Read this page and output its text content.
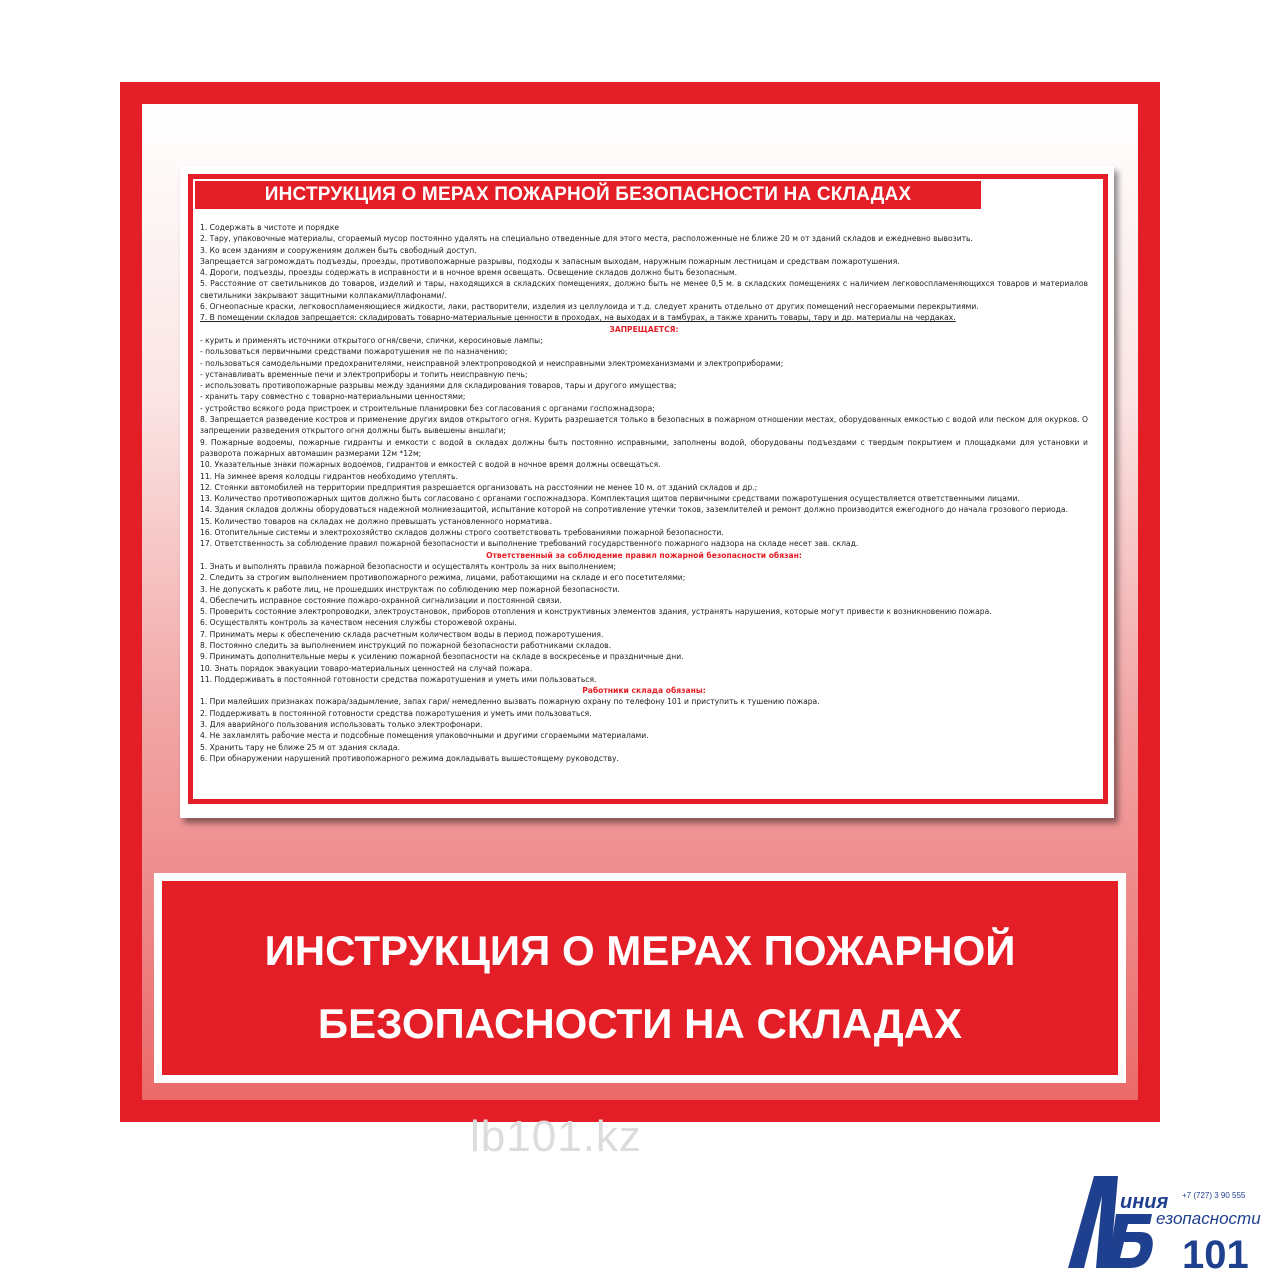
ИНСТРУКЦИЯ О МЕРАХ ПОЖАРНОЙ БЕЗОПАСНОСТИ НА СКЛАДАХ
1. Содержать в чистоте и порядке
2. Тару, упаковочные материалы, сгораемый мусор постоянно удалять на специально отведенные для этого места, расположенные не ближе 20 м от зданий складов и ежедневно вывозить.
3. Ко всем зданиям и сооружениям должен быть свободный доступ.
Запрещается загромождать подъезды, проезды, противопожарные разрывы, подходы к запасным выходам, наружным пожарным лестницам и средствам пожаротушения.
4. Дороги, подъезды, проезды содержать в исправности и в ночное время освещать. Освещение складов должно быть безопасным.
5. Расстояние от светильников до товаров, изделий и тары, находящихся в складских помещениях, должно быть не менее 0,5 м. в складских помещениях с наличием легковоспламеняющихся товаров и материалов светильники закрывают защитными колпаками/плафонами/.
6. Огнеопасные краски, легковоспламеняющиеся жидкости, лаки, растворители, изделия из целлулоида и т.д. следует хранить отдельно от других помещений несгораемыми перекрытиями.
7. В помещении складов запрещается: складировать товарно-материальные ценности в проходах, на выходах и в тамбурах, а также хранить товары, тару и др. материалы на чердаках.
ЗАПРЕЩАЕТСЯ:
- курить и применять источники открытого огня/свечи, спички, керосиновые лампы;
- пользоваться первичными средствами пожаротушения не по назначению;
- пользоваться самодельными предохранителями, неисправной электропроводкой и неисправными электромеханизмами и электроприборами;
- устанавливать временные печи и электроприборы и топить неисправную печь;
- использовать противопожарные разрывы между зданиями для складирования товаров, тары и другого имущества;
- хранить тару совместно с товарно-материальными ценностями;
- устройство всякого рода пристроек и строительные планировки без согласования с органами госпожнадзора;
8. Запрещается разведение костров и применение других видов открытого огня. Курить разрешается только в безопасных в пожарном отношении местах, оборудованных емкостью с водой или песком для окурков. О запрещении разведения открытого огня должны быть вывешены аншлаги;
9. Пожарные водоемы, пожарные гидранты и емкости с водой в складах должны быть постоянно исправными, заполнены водой, оборудованы подъездами с твердым покрытием и площадками для установки и разворота пожарных автомашин размерами 12м *12м;
10. Указательные знаки пожарных водоемов, гидрантов и емкостей с водой в ночное время должны освещаться.
11. На зимнее время колодцы гидрантов необходимо утеплять.
12. Стоянки автомобилей на территории предприятия разрешается организовать на расстоянии не менее 10 м. от зданий складов и др.;
13. Количество противопожарных щитов должно быть согласовано с органами госпожнадзора. Комплектация щитов первичными средствами пожаротушения осуществляется ответственными лицами.
14. Здания складов должны оборудоваться надежной молниезащитой, испытание которой на сопротивление утечки токов, заземлителей и ремонт должно производится ежегодного до начала грозового периода.
15. Количество товаров на складах не должно превышать установленного норматива.
16. Отопительные системы и электрохозяйство складов должны строго соответствовать требованиями пожарной безопасности.
17. Ответственность за соблюдение правил пожарной безопасности и выполнение требований государственного пожарного надзора на складе несет зав. склад.
Ответственный за соблюдение правил пожарной безопасности обязан:
1. Знать и выполнять правила пожарной безопасности и осуществлять контроль за них выполнением;
2. Следить за строгим выполнением противопожарного режима, лицами, работающими на складе и его посетителями;
3. Не допускать к работе лиц, не прошедших инструктаж по соблюдению мер пожарной безопасности.
4. Обеспечить исправное состояние пожаро-охранной сигнализации и постоянной связи.
5. Проверить состояние электропроводки, электроустановок, приборов отопления и конструктивных элементов здания, устранять нарушения, которые могут привести к возникновению пожара.
6. Осуществлять контроль за качеством несения службы сторожевой охраны.
7. Принимать меры к обеспечению склада расчетным количеством воды в период пожаротушения.
8. Постоянно следить за выполнением инструкций по пожарной безопасности работниками складов.
9. Принимать дополнительные меры к усилению пожарной безопасности на складе в воскресенье и праздничные дни.
10. Знать порядок эвакуации товаро-материальных ценностей на случай пожара.
11. Поддерживать в постоянной готовности средства пожаротушения и уметь ими пользоваться.
Работники склада обязаны:
1. При малейших признаках пожара/задымление, запах гари/ немедленно вызвать пожарную охрану по телефону 101 и приступить к тушению пожара.
2. Поддерживать в постоянной готовности средства пожаротушения и уметь ими пользоваться.
3. Для аварийного пользования использовать только электрофонари.
4. Не захламлять рабочие места и подсобные помещения упаковочными и другими сгораемыми материалами.
5. Хранить тару не ближе 25 м от здания склада.
6. При обнаружении нарушений противопожарного режима докладывать вышестоящему руководству.
ИНСТРУКЦИЯ О МЕРАХ ПОЖАРНОЙ
БЕЗОПАСНОСТИ НА СКЛАДАХ
lb101.kz
иния +7 (727) 3 90 555
езопасности
101
